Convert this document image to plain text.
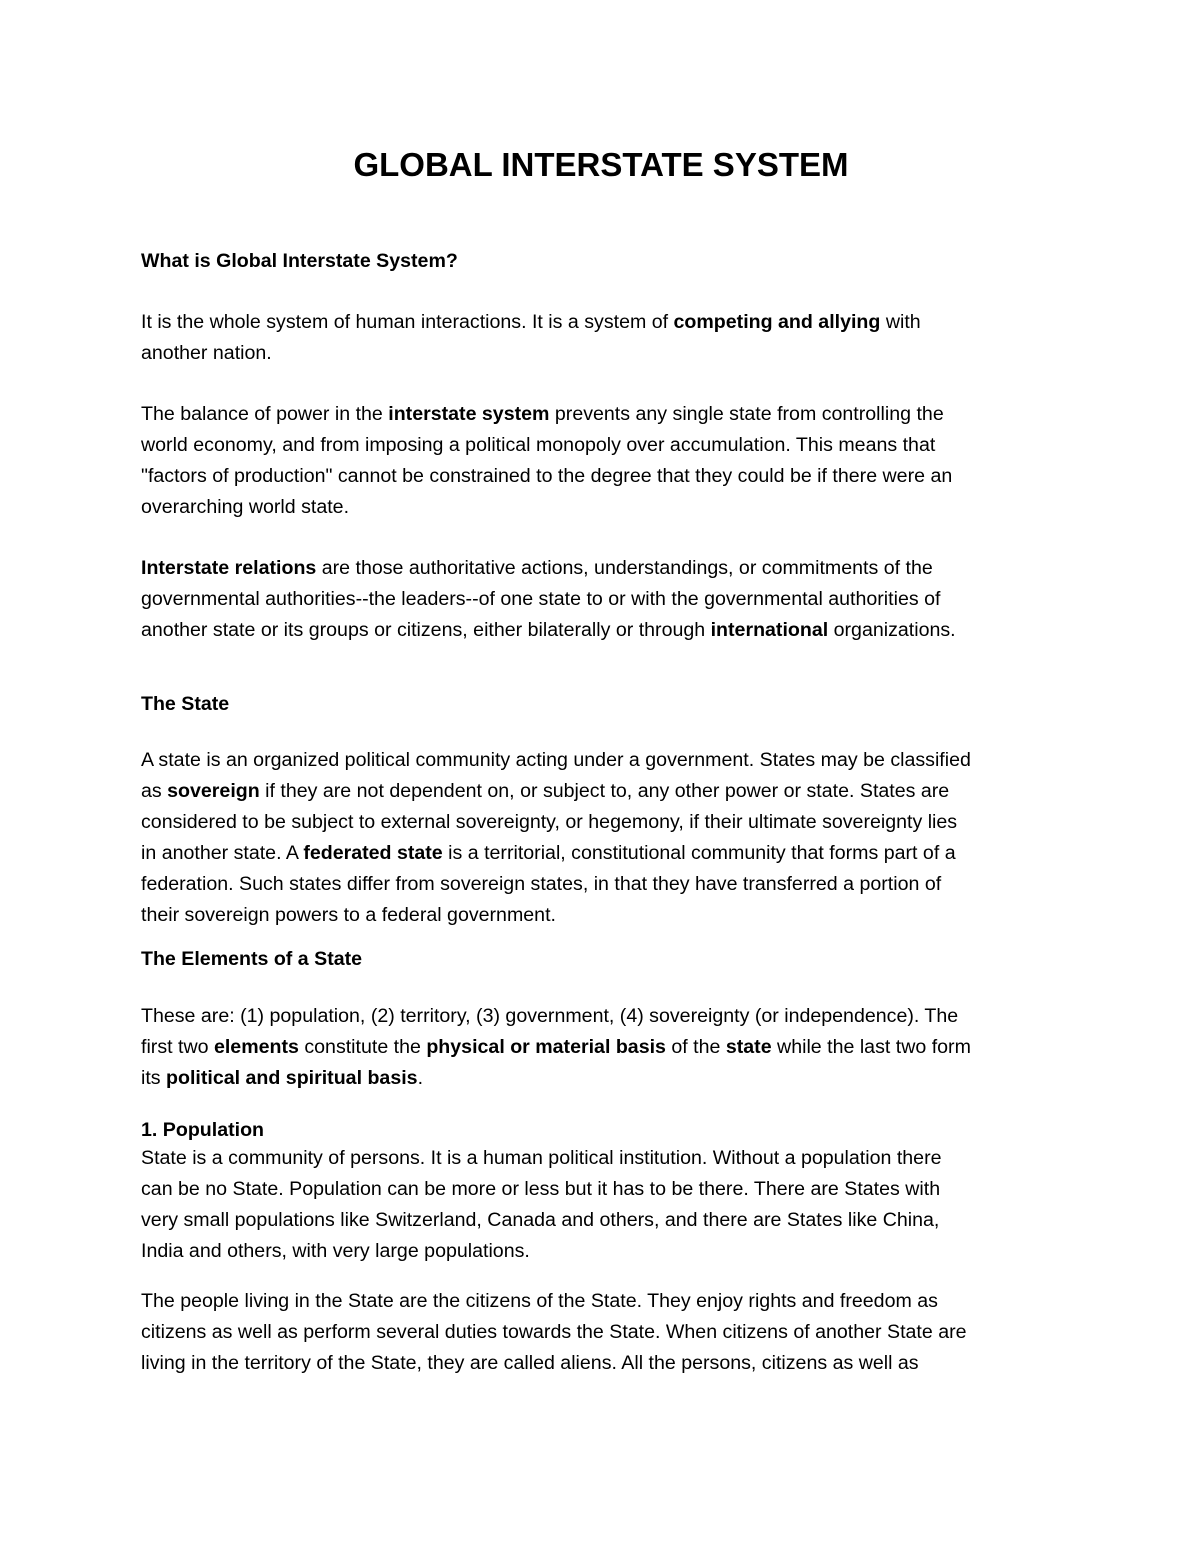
GLOBAL INTERSTATE SYSTEM

What is Global Interstate System?

It is the whole system of human interactions. It is a system of competing and allying with
another nation.

The balance of power in the interstate system prevents any single state from controlling the
world economy, and from imposing a political monopoly over accumulation. This means that
"factors of production" cannot be constrained to the degree that they could be if there were an
overarching world state.

Interstate relations are those authoritative actions, understandings, or commitments of the
governmental authorities--the leaders--of one state to or with the governmental authorities of
another state or its groups or citizens, either bilaterally or through international organizations.

The State

A state is an organized political community acting under a government. States may be classified
as sovereign if they are not dependent on, or subject to, any other power or state. States are
considered to be subject to external sovereignty, or hegemony, if their ultimate sovereignty lies
in another state. A federated state is a territorial, constitutional community that forms part of a
federation. Such states differ from sovereign states, in that they have transferred a portion of
their sovereign powers to a federal government.

The Elements of a State

These are: (1) population, (2) territory, (3) government, (4) sovereignty (or independence). The
first two elements constitute the physical or material basis of the state while the last two form
its political and spiritual basis.

1. Population

State is a community of persons. It is a human political institution. Without a population there
can be no State. Population can be more or less but it has to be there. There are States with
very small populations like Switzerland, Canada and others, and there are States like China,
India and others, with very large populations.

The people living in the State are the citizens of the State. They enjoy rights and freedom as
citizens as well as perform several duties towards the State. When citizens of another State are
living in the territory of the State, they are called aliens. All the persons, citizens as well as
